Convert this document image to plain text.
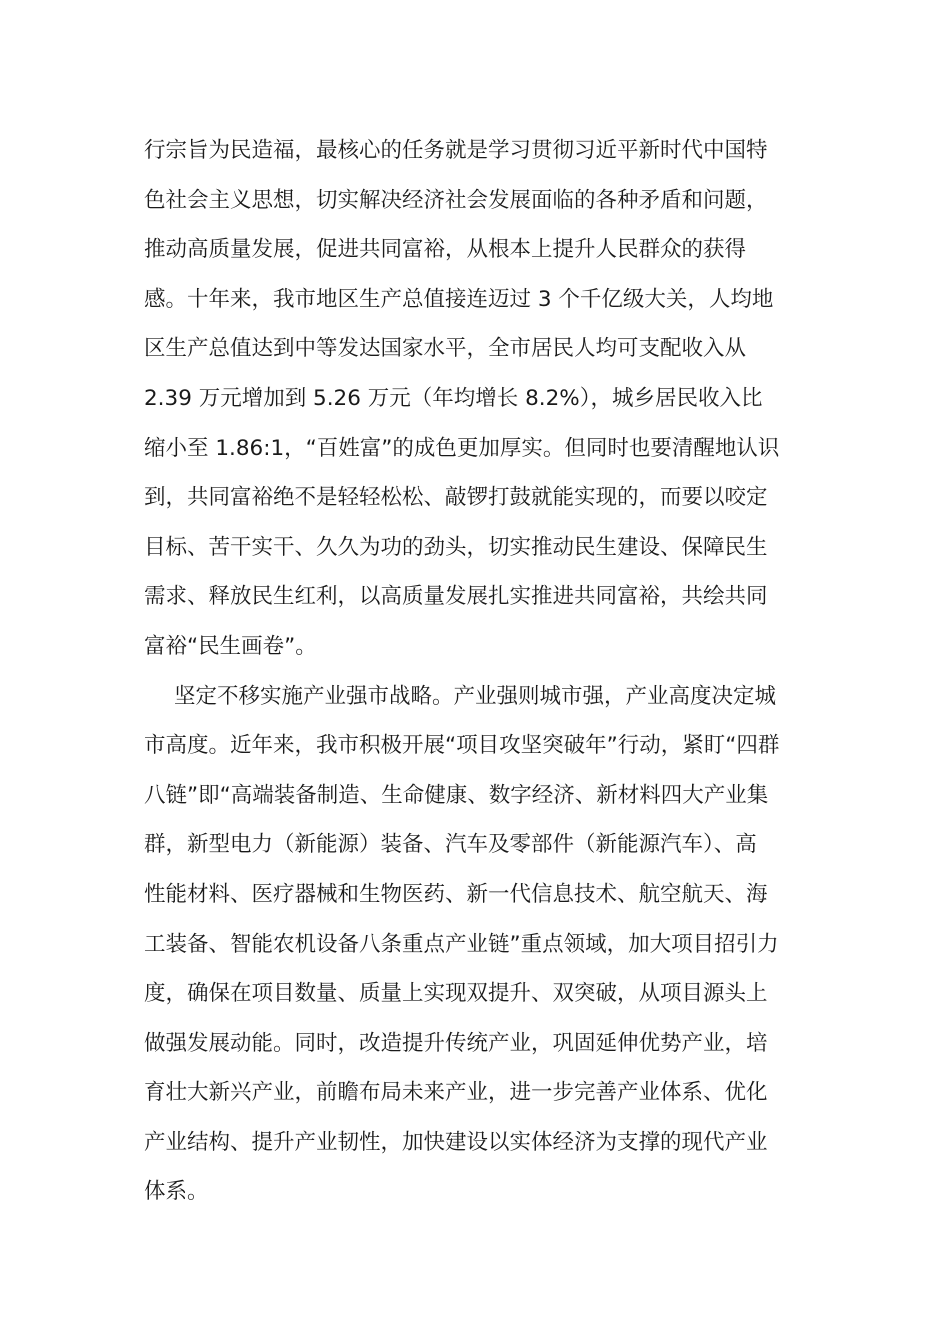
行宗旨为民造福，最核心的任务就是学习贯彻习近平新时代中国特
色社会主义思想，切实解决经济社会发展面临的各种矛盾和问题，
推动高质量发展，促进共同富裕，从根本上提升人民群众的获得
感。十年来，我市地区生产总值接连迈过 3 个千亿级大关，人均地
区生产总值达到中等发达国家水平，全市居民人均可支配收入从
2.39 万元增加到 5.26 万元（年均增长 8.2%），城乡居民收入比
缩小至 1.86:1，“百姓富”的成色更加厚实。但同时也要清醒地认识
到，共同富裕绝不是轻轻松松、敲锣打鼓就能实现的，而要以咬定
目标、苦干实干、久久为功的劲头，切实推动民生建设、保障民生
需求、释放民生红利，以高质量发展扎实推进共同富裕，共绘共同
富裕“民生画卷”。
坚定不移实施产业强市战略。产业强则城市强，产业高度决定城
市高度。近年来，我市积极开展“项目攻坚突破年”行动，紧盯“四群
八链”即“高端装备制造、生命健康、数字经济、新材料四大产业集
群，新型电力（新能源）装备、汽车及零部件（新能源汽车）、高
性能材料、医疗器械和生物医药、新一代信息技术、航空航天、海
工装备、智能农机设备八条重点产业链”重点领域，加大项目招引力
度，确保在项目数量、质量上实现双提升、双突破，从项目源头上
做强发展动能。同时，改造提升传统产业，巩固延伸优势产业，培
育壮大新兴产业，前瞻布局未来产业，进一步完善产业体系、优化
产业结构、提升产业韧性，加快建设以实体经济为支撑的现代产业
体系。
